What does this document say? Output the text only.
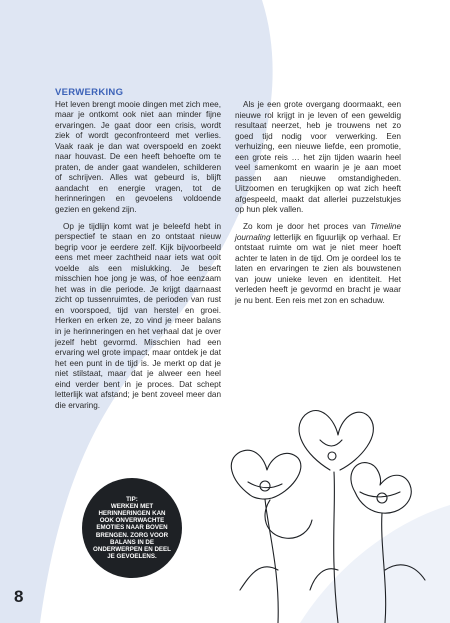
VERWERKING

Het leven brengt mooie dingen met zich mee, maar je ontkomt ook niet aan minder fijne ervaringen. Je gaat door een crisis, wordt ziek of wordt geconfronteerd met verlies. Vaak raak je dan wat overspoeld en zoekt naar houvast. De een heeft behoefte om te praten, de ander gaat wandelen, schilderen of schrijven. Alles wat gebeurd is, blijft aandacht en energie vragen, tot de herinneringen en gevoelens voldoende gezien en gekend zijn.

Op je tijdlijn komt wat je beleefd hebt in perspectief te staan en zo ontstaat nieuw begrip voor je eerdere zelf. Kijk bijvoorbeeld eens met meer zachtheid naar iets wat ooit voelde als een mislukking. Je beseft misschien hoe jong je was, of hoe eenzaam het was in die periode. Je krijgt daarnaast zicht op tussenruimtes, de perioden van rust en voorspoed, tijd van herstel en groei. Herken en erken ze, zo vind je meer balans in je herinneringen en het verhaal dat je over jezelf hebt gevormd. Misschien had een ervaring wel grote impact, maar ontdek je dat het een punt in de tijd is. Je merkt op dat je niet stilstaat, maar dat je alweer een heel eind verder bent in je proces. Dat schept letterlijk wat afstand; je bent zoveel meer dan die ervaring.

Als je een grote overgang doormaakt, een nieuwe rol krijgt in je leven of een geweldig resultaat neerzet, heb je trouwens net zo goed tijd nodig voor verwerking. Een verhuizing, een nieuwe liefde, een promotie, een grote reis … het zijn tijden waarin heel veel samenkomt en waarin je je aan moet passen aan nieuwe omstandigheden. Uitzoomen en terugkijken op wat zich heeft afgespeeld, maakt dat allerlei puzzelstukjes op hun plek vallen.

Zo kom je door het proces van Timeline journaling letterlijk en figuurlijk op verhaal. Er ontstaat ruimte om wat je niet meer hoeft achter te laten in de tijd. Om je oordeel los te laten en ervaringen te zien als bouwstenen van jouw unieke leven en identiteit. Het verleden heeft je gevormd en bracht je waar je nu bent. Een reis met zon en schaduw.

TIP:
WERKEN MET HERINNERINGEN KAN OOK ONVERWACHTE EMOTIES NAAR BOVEN BRENGEN. ZORG VOOR BALANS IN DE ONDERWERPEN EN DEEL JE GEVOELENS.
8
